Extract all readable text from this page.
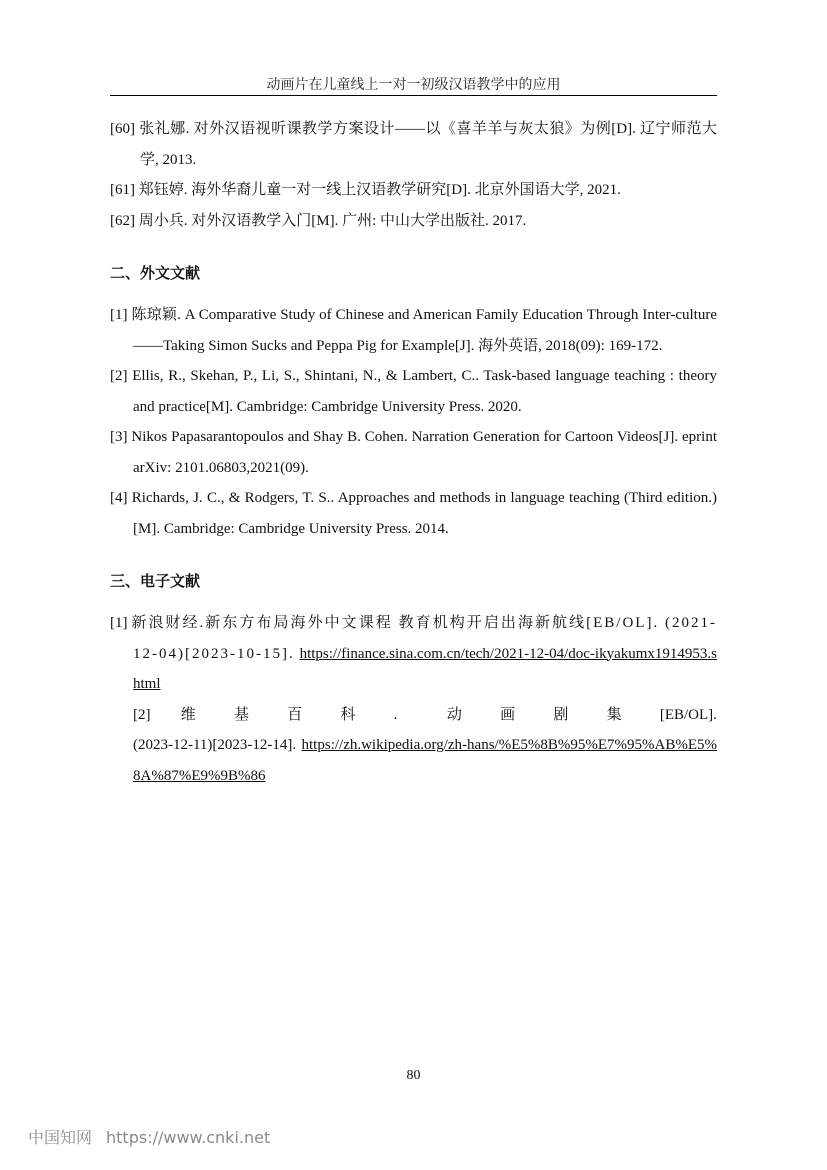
动画片在儿童线上一对一初级汉语教学中的应用
[60] 张礼娜. 对外汉语视听课教学方案设计——以《喜羊羊与灰太狼》为例[D]. 辽宁师范大学, 2013.
[61] 郑钰婷. 海外华裔儿童一对一线上汉语教学研究[D]. 北京外国语大学, 2021.
[62] 周小兵. 对外汉语教学入门[M]. 广州: 中山大学出版社. 2017.
二、外文文献
[1] 陈琼颖. A Comparative Study of Chinese and American Family Education Through Inter-culture——Taking Simon Sucks and Peppa Pig for Example[J]. 海外英语, 2018(09): 169-172.
[2] Ellis, R., Skehan, P., Li, S., Shintani, N., & Lambert, C.. Task-based language teaching : theory and practice[M]. Cambridge: Cambridge University Press. 2020.
[3] Nikos Papasarantopoulos and Shay B. Cohen. Narration Generation for Cartoon Videos[J]. eprint arXiv: 2101.06803,2021(09).
[4] Richards, J. C., & Rodgers, T. S.. Approaches and methods in language teaching (Third edition.)[M]. Cambridge: Cambridge University Press. 2014.
三、电子文献
[1] 新浪财经.新东方布局海外中文课程 教育机构开启出海新航线[EB/OL]. (2021-12-04)[2023-10-15]. https://finance.sina.com.cn/tech/2021-12-04/doc-ikyakumx1914953.shtml
[2] 维	基	百	科	.	动	画	剧	集	[EB/OL].
(2023-12-11)[2023-12-14]. https://zh.wikipedia.org/zh-hans/%E5%8B%95%E7%95%AB%E5%8A%87%E9%9B%86
80
中国知网 https://www.cnki.net
